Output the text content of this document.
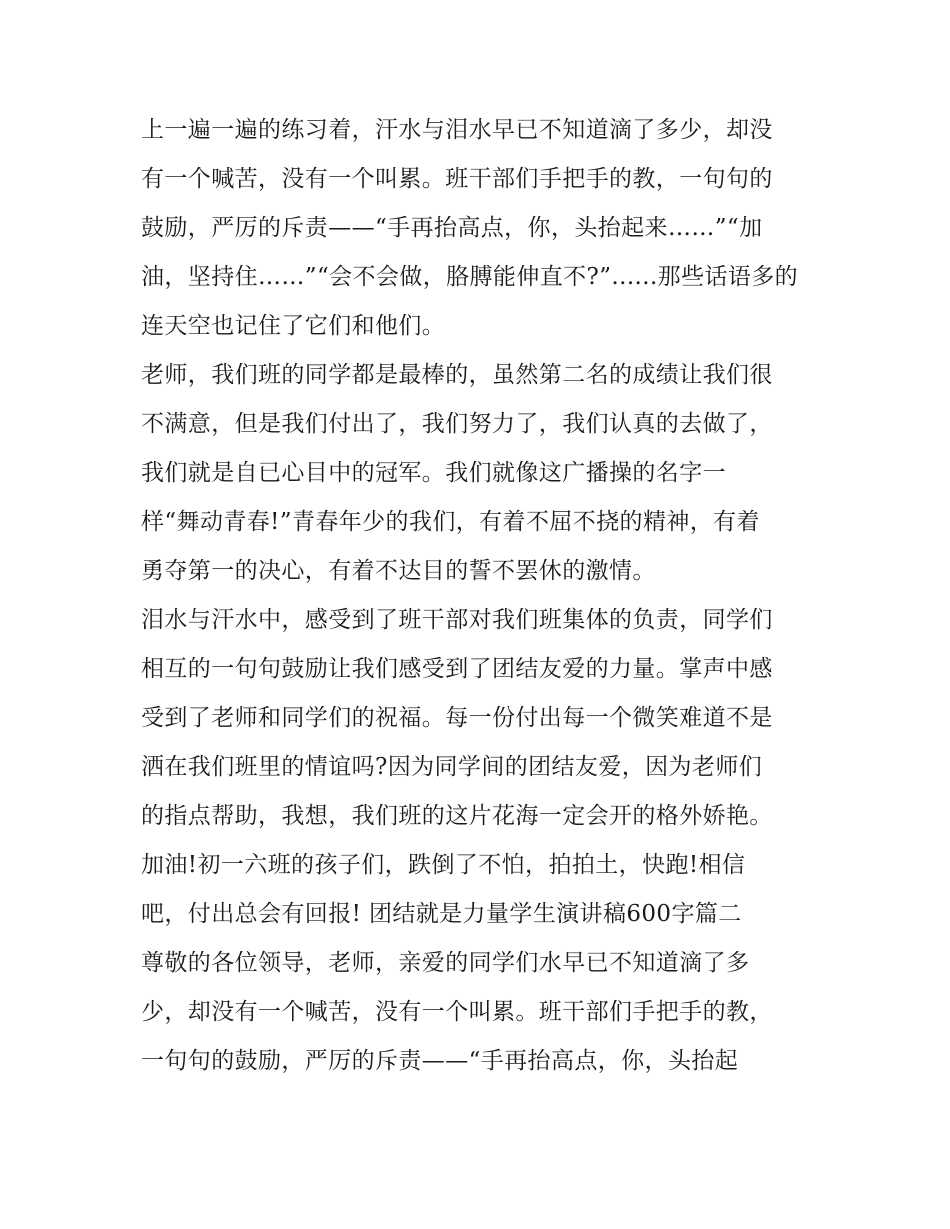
上一遍一遍的练习着，汗水与泪水早已不知道滴了多少，却没
有一个喊苦，没有一个叫累。班干部们手把手的教，一句句的
鼓励，严厉的斥责——“手再抬高点，你，头抬起来……”“加
油，坚持住……”“会不会做，胳膊能伸直不?”......那些话语多的
连天空也记住了它们和他们。
老师，我们班的同学都是最棒的，虽然第二名的成绩让我们很
不满意，但是我们付出了，我们努力了，我们认真的去做了，
我们就是自已心目中的冠军。我们就像这广播操的名字一
样“舞动青春!”青春年少的我们，有着不屈不挠的精神，有着
勇夺第一的决心，有着不达目的誓不罢休的激情。
泪水与汗水中，感受到了班干部对我们班集体的负责，同学们
相互的一句句鼓励让我们感受到了团结友爱的力量。掌声中感
受到了老师和同学们的祝福。每一份付出每一个微笑难道不是
洒在我们班里的情谊吗?因为同学间的团结友爱，因为老师们
的指点帮助，我想，我们班的这片花海一定会开的格外娇艳。
加油!初一六班的孩子们，跌倒了不怕，拍拍土，快跑!相信
吧，付出总会有回报! 团结就是力量学生演讲稿600字篇二
尊敬的各位领导，老师，亲爱的同学们水早已不知道滴了多
少，却没有一个喊苦，没有一个叫累。班干部们手把手的教，
一句句的鼓励，严厉的斥责——“手再抬高点，你，头抬起
